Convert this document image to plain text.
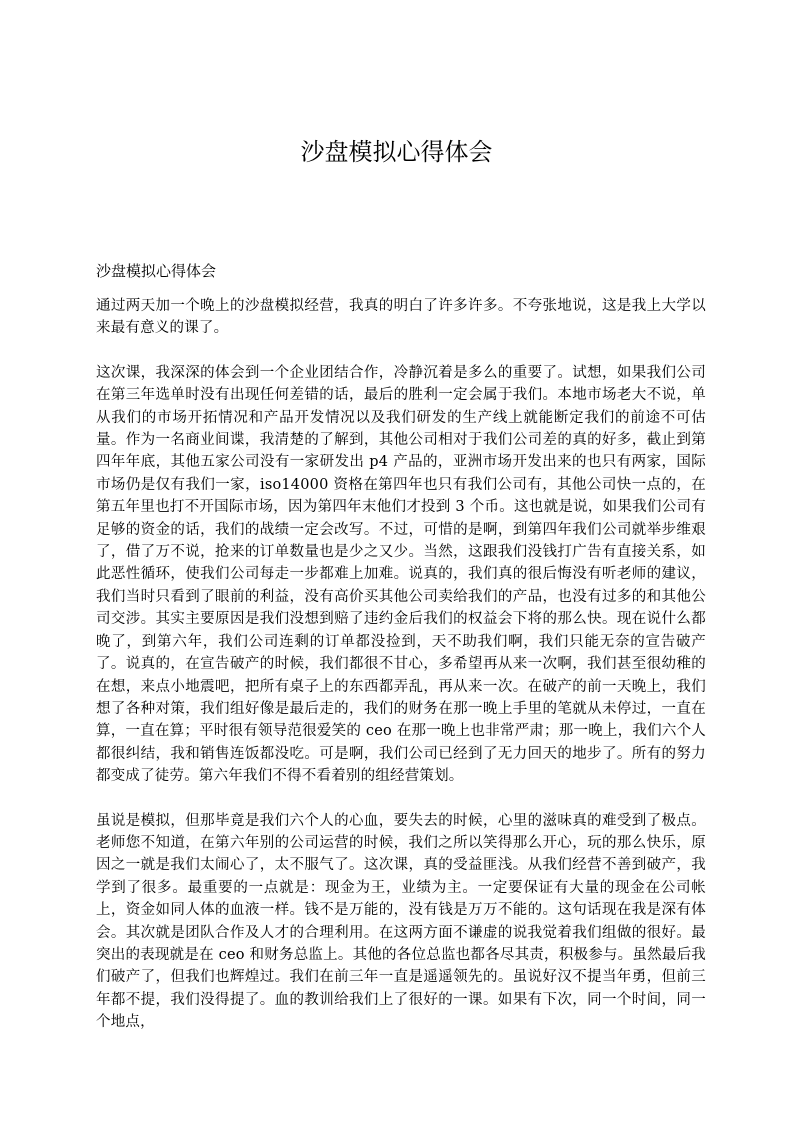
沙盘模拟心得体会

沙盘模拟心得体会

通过两天加一个晚上的沙盘模拟经营，我真的明白了许多许多。不夸张地说，这是我上大学以来最有意义的课了。

这次课，我深深的体会到一个企业团结合作，冷静沉着是多么的重要了。试想，如果我们公司在第三年选单时没有出现任何差错的话，最后的胜利一定会属于我们。本地市场老大不说，单从我们的市场开拓情况和产品开发情况以及我们研发的生产线上就能断定我们的前途不可估量。作为一名商业间谍，我清楚的了解到，其他公司相对于我们公司差的真的好多，截止到第四年年底，其他五家公司没有一家研发出 p4 产品的，亚洲市场开发出来的也只有两家，国际市场仍是仅有我们一家，iso14000 资格在第四年也只有我们公司有，其他公司快一点的，在第五年里也打不开国际市场，因为第四年末他们才投到 3 个币。这也就是说，如果我们公司有足够的资金的话，我们的战绩一定会改写。不过，可惜的是啊，到第四年我们公司就举步维艰了，借了万不说，抢来的订单数量也是少之又少。当然，这跟我们没钱打广告有直接关系，如此恶性循环，使我们公司每走一步都难上加难。说真的，我们真的很后悔没有听老师的建议，我们当时只看到了眼前的利益，没有高价买其他公司卖给我们的产品，也没有过多的和其他公司交涉。其实主要原因是我们没想到赔了违约金后我们的权益会下将的那么快。现在说什么都晚了，到第六年，我们公司连剩的订单都没捡到，天不助我们啊，我们只能无奈的宣告破产了。说真的，在宣告破产的时候，我们都很不甘心，多希望再从来一次啊，我们甚至很幼稚的在想，来点小地震吧，把所有桌子上的东西都弄乱，再从来一次。在破产的前一天晚上，我们想了各种对策，我们组好像是最后走的，我们的财务在那一晚上手里的笔就从未停过，一直在算，一直在算；平时很有领导范很爱笑的 ceo 在那一晚上也非常严肃；那一晚上，我们六个人都很纠结，我和销售连饭都没吃。可是啊，我们公司已经到了无力回天的地步了。所有的努力都变成了徒劳。第六年我们不得不看着别的组经营策划。

虽说是模拟，但那毕竟是我们六个人的心血，要失去的时候，心里的滋味真的难受到了极点。老师您不知道，在第六年别的公司运营的时候，我们之所以笑得那么开心，玩的那么快乐，原因之一就是我们太闹心了，太不服气了。这次课，真的受益匪浅。从我们经营不善到破产，我学到了很多。最重要的一点就是：现金为王，业绩为主。一定要保证有大量的现金在公司帐上，资金如同人体的血液一样。钱不是万能的，没有钱是万万不能的。这句话现在我是深有体会。其次就是团队合作及人才的合理利用。在这两方面不谦虚的说我觉着我们组做的很好。最突出的表现就是在 ceo 和财务总监上。其他的各位总监也都各尽其责，积极参与。虽然最后我们破产了，但我们也辉煌过。我们在前三年一直是遥遥领先的。虽说好汉不提当年勇，但前三年都不提，我们没得提了。血的教训给我们上了很好的一课。如果有下次，同一个时间，同一个地点，
